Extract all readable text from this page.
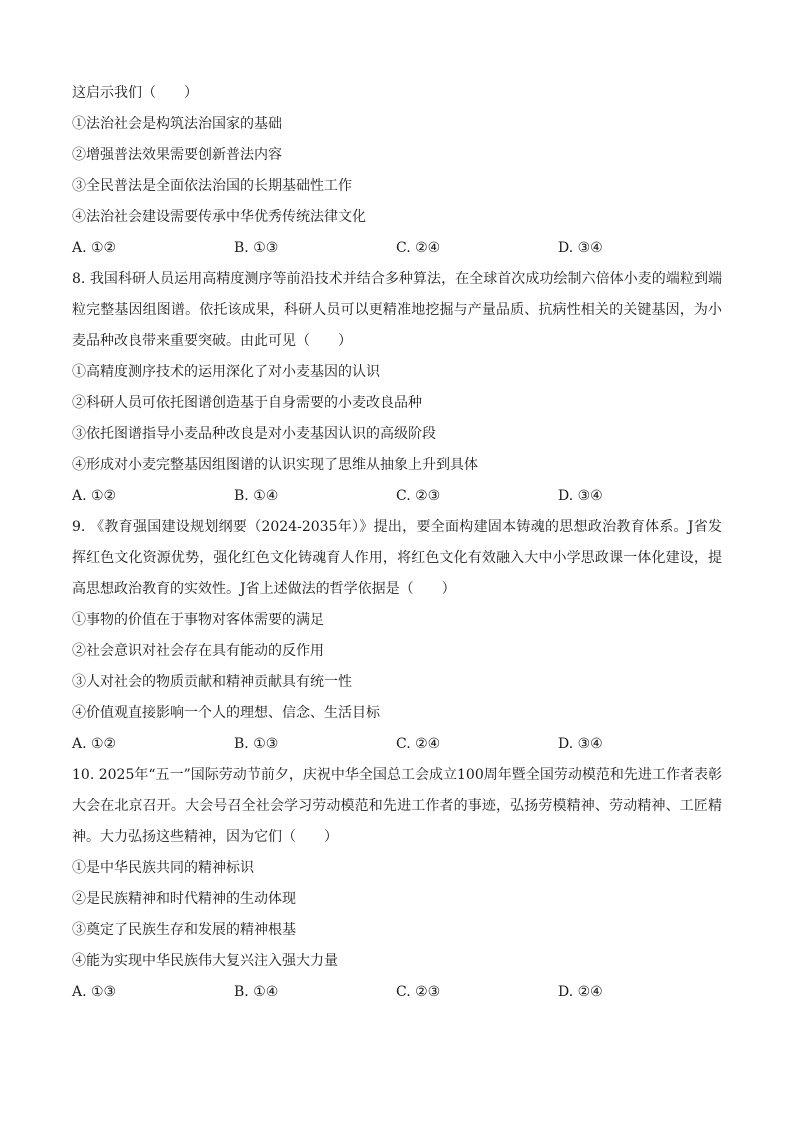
这启示我们（　　）
①法治社会是构筑法治国家的基础
②增强普法效果需要创新普法内容
③全民普法是全面依法治国的长期基础性工作
④法治社会建设需要传承中华优秀传统法律文化
A. ①②	B. ①③	C. ②④	D. ③④
8. 我国科研人员运用高精度测序等前沿技术并结合多种算法，在全球首次成功绘制六倍体小麦的端粒到端粒完整基因组图谱。依托该成果，科研人员可以更精准地挖掘与产量品质、抗病性相关的关键基因，为小麦品种改良带来重要突破。由此可见（　　）
①高精度测序技术的运用深化了对小麦基因的认识
②科研人员可依托图谱创造基于自身需要的小麦改良品种
③依托图谱指导小麦品种改良是对小麦基因认识的高级阶段
④形成对小麦完整基因组图谱的认识实现了思维从抽象上升到具体
A. ①②	B. ①④	C. ②③	D. ③④
9. 《教育强国建设规划纲要（2024-2035年）》提出，要全面构建固本铸魂的思想政治教育体系。J省发挥红色文化资源优势，强化红色文化铸魂育人作用，将红色文化有效融入大中小学思政课一体化建设，提高思想政治教育的实效性。J省上述做法的哲学依据是（　　）
①事物的价值在于事物对客体需要的满足
②社会意识对社会存在具有能动的反作用
③人对社会的物质贡献和精神贡献具有统一性
④价值观直接影响一个人的理想、信念、生活目标
A. ①②	B. ①③	C. ②④	D. ③④
10. 2025年“五一”国际劳动节前夕，庆祝中华全国总工会成立100周年暨全国劳动模范和先进工作者表彰大会在北京召开。大会号召全社会学习劳动模范和先进工作者的事迹，弘扬劳模精神、劳动精神、工匠精神。大力弘扬这些精神，因为它们（　　）
①是中华民族共同的精神标识
②是民族精神和时代精神的生动体现
③奠定了民族生存和发展的精神根基
④能为实现中华民族伟大复兴注入强大力量
A. ①③	B. ①④	C. ②③	D. ②④
